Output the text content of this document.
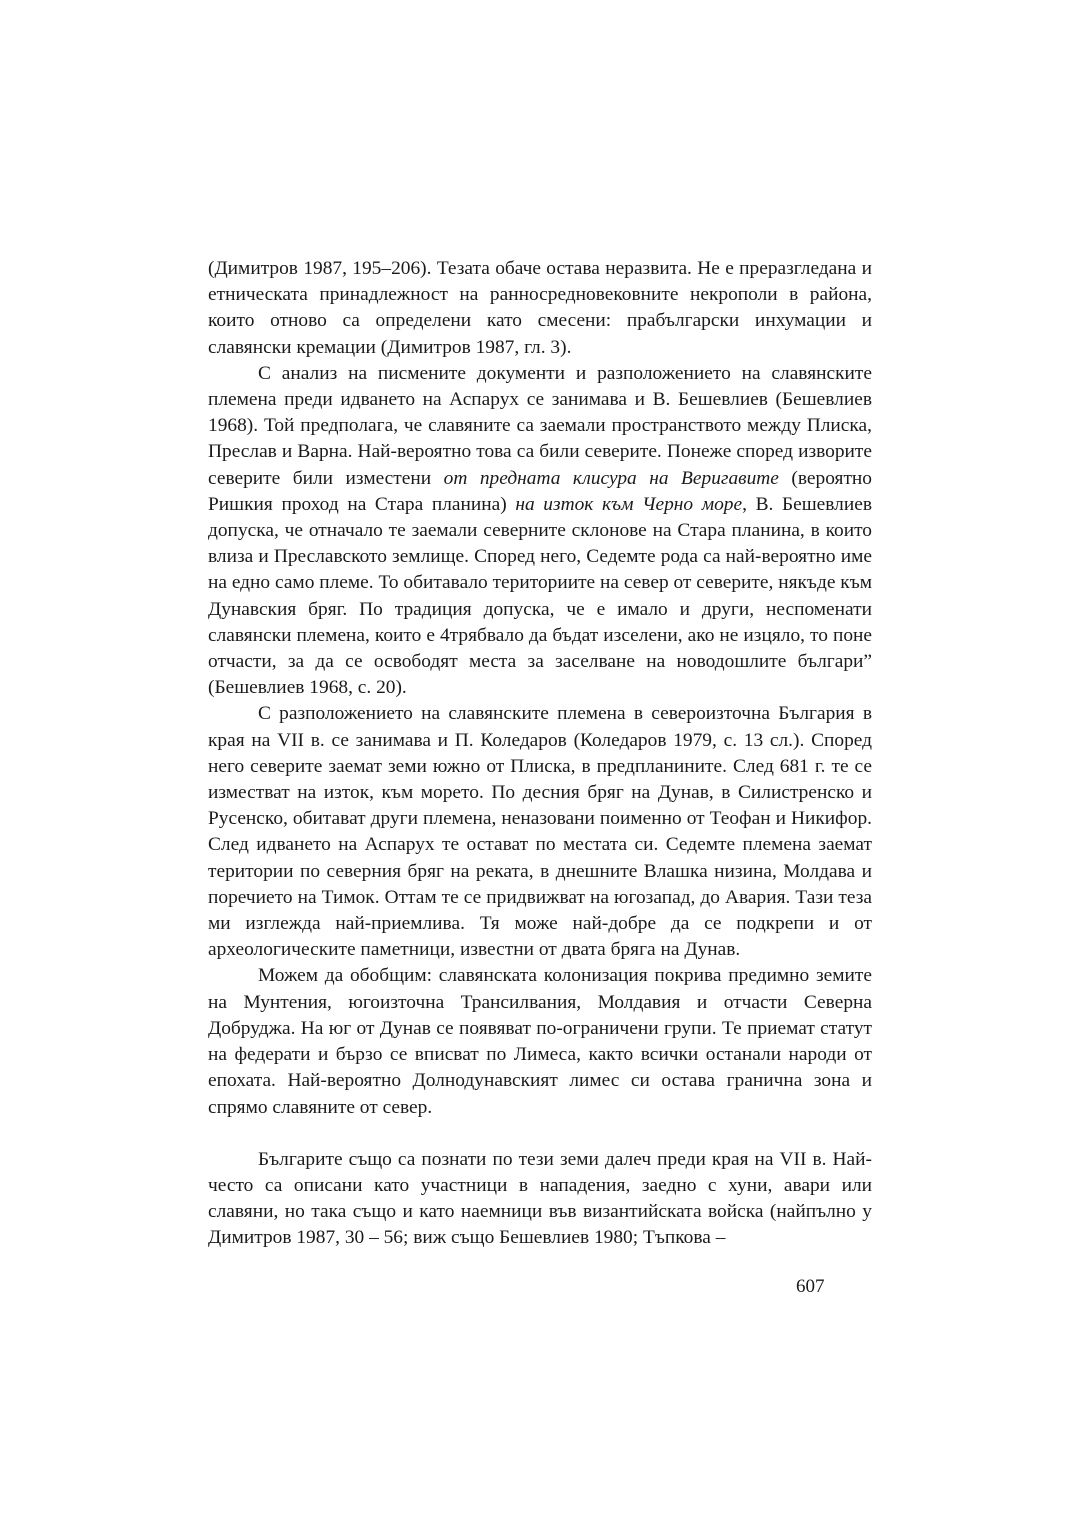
(Димитров 1987, 195–206). Тезата обаче остава неразвита. Не е преразгледана и етническата принадлежност на ранносредновековните некрополи в района, които отново са определени като смесени: прабългарски инхумации и славянски кремации (Димитров 1987, гл. 3).

С анализ на писмените документи и разположението на славянските племена преди идването на Аспарух се занимава и В. Бешевлиев (Бешевлиев 1968). Той предполага, че славяните са заемали пространството между Плиска, Преслав и Варна. Най-вероятно това са били северите. Понеже според изворите северите били изместени от предната клисура на Веригавите (вероятно Ришкия проход на Стара планина) на изток към Черно море, В. Бешевлиев допуска, че отначало те заемали северните склонове на Стара планина, в които влиза и Преславското землище. Според него, Седемте рода са най-вероятно име на едно само племе. То обитавало териториите на север от северите, някъде към Дунавския бряг. По традиция допуска, че е имало и други, неспоменати славянски племена, които е 4трябвало да бъдат изселени, ако не изцяло, то поне отчасти, за да се освободят места за заселване на новодошлите българи” (Бешевлиев 1968, с. 20).

С разположението на славянските племена в североизточна България в края на VII в. се занимава и П. Коледаров (Коледаров 1979, с. 13 сл.). Според него северите заемат земи южно от Плиска, в предпланините. След 681 г. те се изместват на изток, към морето. По десния бряг на Дунав, в Силистренско и Русенско, обитават други племена, неназовани поименно от Теофан и Никифор. След идването на Аспарух те остават по местата си. Седемте племена заемат територии по северния бряг на реката, в днешните Влашка низина, Молдава и поречието на Тимок. Оттам те се придвижват на югозапад, до Авария. Тази теза ми изглежда най-приемлива. Тя може най-добре да се подкрепи и от археологическите паметници, известни от двата бряга на Дунав.

Можем да обобщим: славянската колонизация покрива предимно земите на Мунтения, югоизточна Трансилвания, Молдавия и отчасти Северна Добруджа. На юг от Дунав се появяват по-ограничени групи. Те приемат статут на федерати и бързо се вписват по Лимеса, както всички останали народи от епохата. Най-вероятно Долнодунавският лимес си остава гранична зона и спрямо славяните от север.

Българите също са познати по тези земи далеч преди края на VII в. Най-често са описани като участници в нападения, заедно с хуни, авари или славяни, но така също и като наемници във византийската войска (найпълно у Димитров 1987, 30 – 56; виж също Бешевлиев 1980; Тъпкова –

607
